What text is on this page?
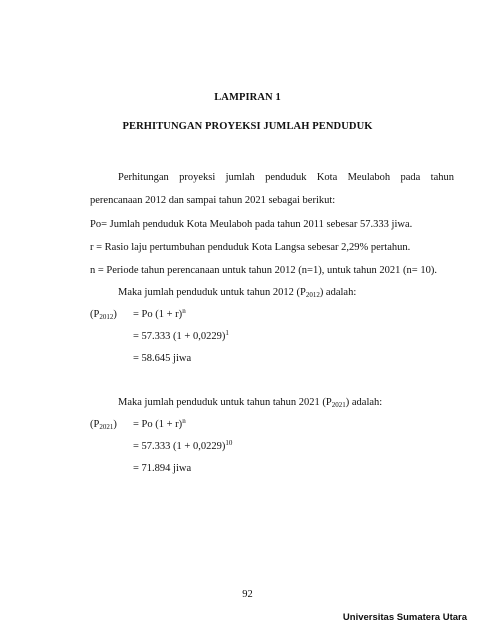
LAMPIRAN 1
PERHITUNGAN PROYEKSI JUMLAH PENDUDUK
Perhitungan proyeksi jumlah penduduk Kota Meulaboh pada tahun
perencanaan 2012 dan sampai tahun 2021 sebagai berikut:
Po= Jumlah penduduk Kota Meulaboh pada tahun 2011 sebesar 57.333 jiwa.
r = Rasio laju pertumbuhan penduduk Kota Langsa sebesar 2,29% pertahun.
n = Periode tahun perencanaan untuk tahun 2012 (n=1), untuk tahun 2021 (n= 10).
Maka jumlah penduduk untuk tahun 2012 $(P_{2012})$ adalah:
$(P_{2012}) = Po$ $(1 + r)^n$
= 57.333 $(1 + 0,0229)^1$
= 58.645 jiwa
Maka jumlah penduduk untuk tahun tahun 2021 $(P_{2021})$ adalah:
$(P_{2021}) = Po$ $(1 + r)^n$
= 57.333 $(1 + 0,0229)^{10}$
= 71.894 jiwa
92
Universitas Sumatera Utara
